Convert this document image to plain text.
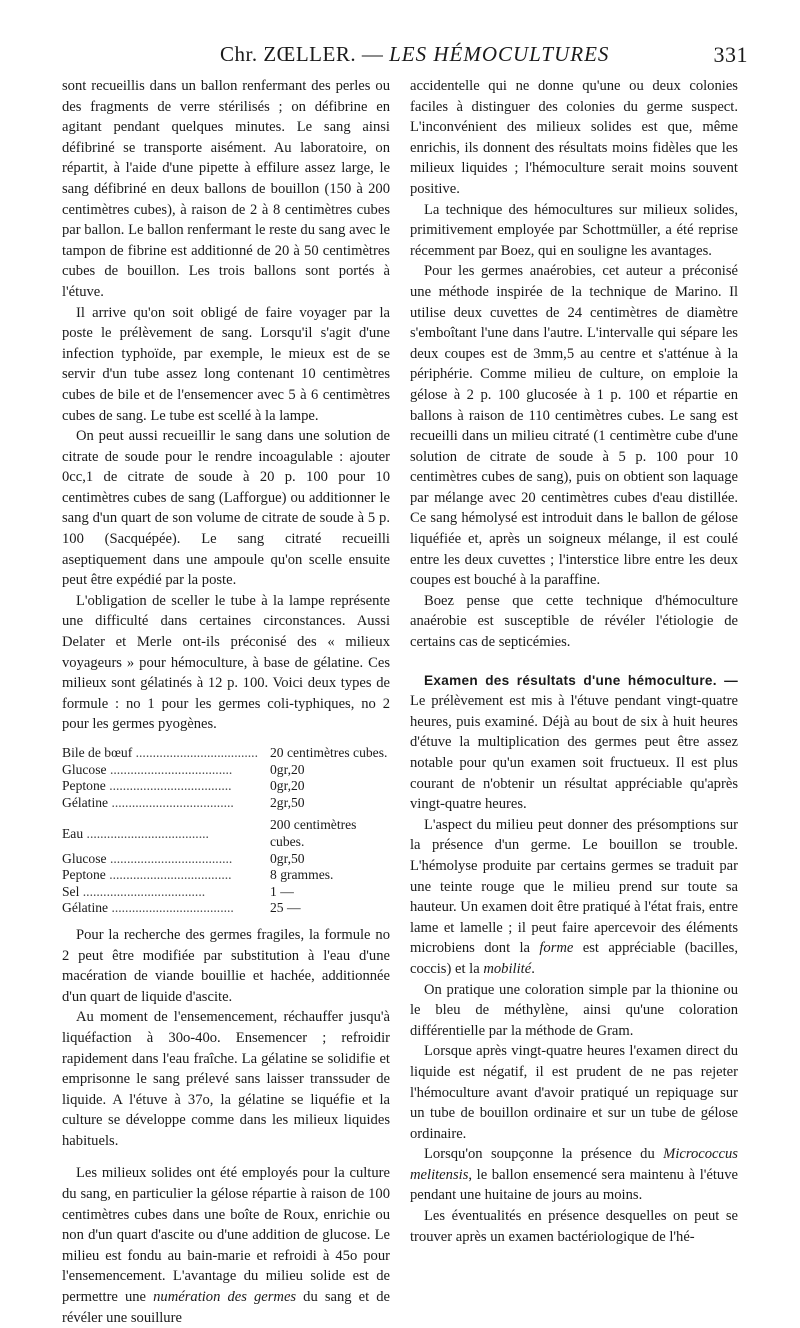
Chr. ZŒLLER. — LES HÉMOCULTURES	331

sont recueillis dans un ballon renfermant des perles ou des fragments de verre stérilisés ; on défibrine en agitant pendant quelques minutes. Le sang ainsi défibriné se transporte aisément. Au laboratoire, on répartit, à l'aide d'une pipette à effilure assez large, le sang défibriné en deux ballons de bouillon (150 à 200 centimètres cubes), à raison de 2 à 8 centimètres cubes par ballon. Le ballon renfermant le reste du sang avec le tampon de fibrine est additionné de 20 à 50 centimètres cubes de bouillon. Les trois ballons sont portés à l'étuve.

Il arrive qu'on soit obligé de faire voyager par la poste le prélèvement de sang. Lorsqu'il s'agit d'une infection typhoïde, par exemple, le mieux est de se servir d'un tube assez long contenant 10 centimètres cubes de bile et de l'ensemencer avec 5 à 6 centimètres cubes de sang. Le tube est scellé à la lampe.

On peut aussi recueillir le sang dans une solution de citrate de soude pour le rendre incoagulable : ajouter 0cc,1 de citrate de soude à 20 p. 100 pour 10 centimètres cubes de sang (Lafforgue) ou additionner le sang d'un quart de son volume de citrate de soude à 5 p. 100 (Sacquépée). Le sang citraté recueilli aseptiquement dans une ampoule qu'on scelle ensuite peut être expédié par la poste.

L'obligation de sceller le tube à la lampe représente une difficulté dans certaines circonstances. Aussi Delater et Merle ont-ils préconisé des « milieux voyageurs » pour hémoculture, à base de gélatine. Ces milieux sont gélatinés à 12 p. 100. Voici deux types de formule : no 1 pour les germes coli-typhiques, no 2 pour les germes pyogènes.

Bile de bœuf ....................................	20 centimètres cubes.
Glucose ....................................	0gr,20
Peptone ....................................	0gr,20
Gélatine ....................................	2gr,50
Eau ....................................	200 centimètres cubes.
Glucose ....................................	0gr,50
Peptone ....................................	8 grammes.
Sel ....................................	1 —
Gélatine ....................................	25 —

Pour la recherche des germes fragiles, la formule no 2 peut être modifiée par substitution à l'eau d'une macération de viande bouillie et hachée, additionnée d'un quart de liquide d'ascite.

Au moment de l'ensemencement, réchauffer jusqu'à liquéfaction à 30o-40o. Ensemencer ; refroidir rapidement dans l'eau fraîche. La gélatine se solidifie et emprisonne le sang prélevé sans laisser transsuder de liquide. A l'étuve à 37o, la gélatine se liquéfie et la culture se développe comme dans les milieux liquides habituels.

Les milieux solides ont été employés pour la culture du sang, en particulier la gélose répartie à raison de 100 centimètres cubes dans une boîte de Roux, enrichie ou non d'un quart d'ascite ou d'une addition de glucose. Le milieu est fondu au bain-marie et refroidi à 45o pour l'ensemencement. L'avantage du milieu solide est de permettre une numération des germes du sang et de révéler une souillure

accidentelle qui ne donne qu'une ou deux colonies faciles à distinguer des colonies du germe suspect. L'inconvénient des milieux solides est que, même enrichis, ils donnent des résultats moins fidèles que les milieux liquides ; l'hémoculture serait moins souvent positive.

La technique des hémocultures sur milieux solides, primitivement employée par Schottmüller, a été reprise récemment par Boez, qui en souligne les avantages.

Pour les germes anaérobies, cet auteur a préconisé une méthode inspirée de la technique de Marino. Il utilise deux cuvettes de 24 centimètres de diamètre s'emboîtant l'une dans l'autre. L'intervalle qui sépare les deux coupes est de 3mm,5 au centre et s'atténue à la périphérie. Comme milieu de culture, on emploie la gélose à 2 p. 100 glucosée à 1 p. 100 et répartie en ballons à raison de 110 centimètres cubes. Le sang est recueilli dans un milieu citraté (1 centimètre cube d'une solution de citrate de soude à 5 p. 100 pour 10 centimètres cubes de sang), puis on obtient son laquage par mélange avec 20 centimètres cubes d'eau distillée. Ce sang hémolysé est introduit dans le ballon de gélose liquéfiée et, après un soigneux mélange, il est coulé entre les deux cuvettes ; l'interstice libre entre les deux coupes est bouché à la paraffine.

Boez pense que cette technique d'hémoculture anaérobie est susceptible de révéler l'étiologie de certains cas de septicémies.

Examen des résultats d'une hémoculture. — Le prélèvement est mis à l'étuve pendant vingt-quatre heures, puis examiné. Déjà au bout de six à huit heures d'étuve la multiplication des germes peut être assez notable pour qu'un examen soit fructueux. Il est plus courant de n'obtenir un résultat appréciable qu'après vingt-quatre heures.

L'aspect du milieu peut donner des présomptions sur la présence d'un germe. Le bouillon se trouble. L'hémolyse produite par certains germes se traduit par une teinte rouge que le milieu prend sur toute sa hauteur. Un examen doit être pratiqué à l'état frais, entre lame et lamelle ; il peut faire apercevoir des éléments microbiens dont la forme est appréciable (bacilles, coccis) et la mobilité.

On pratique une coloration simple par la thionine ou le bleu de méthylène, ainsi qu'une coloration différentielle par la méthode de Gram.

Lorsque après vingt-quatre heures l'examen direct du liquide est négatif, il est prudent de ne pas rejeter l'hémoculture avant d'avoir pratiqué un repiquage sur un tube de bouillon ordinaire et sur un tube de gélose ordinaire.

Lorsqu'on soupçonne la présence du Micrococcus melitensis, le ballon ensemencé sera maintenu à l'étuve pendant une huitaine de jours au moins.

Les éventualités en présence desquelles on peut se trouver après un examen bactériologique de l'hé-
